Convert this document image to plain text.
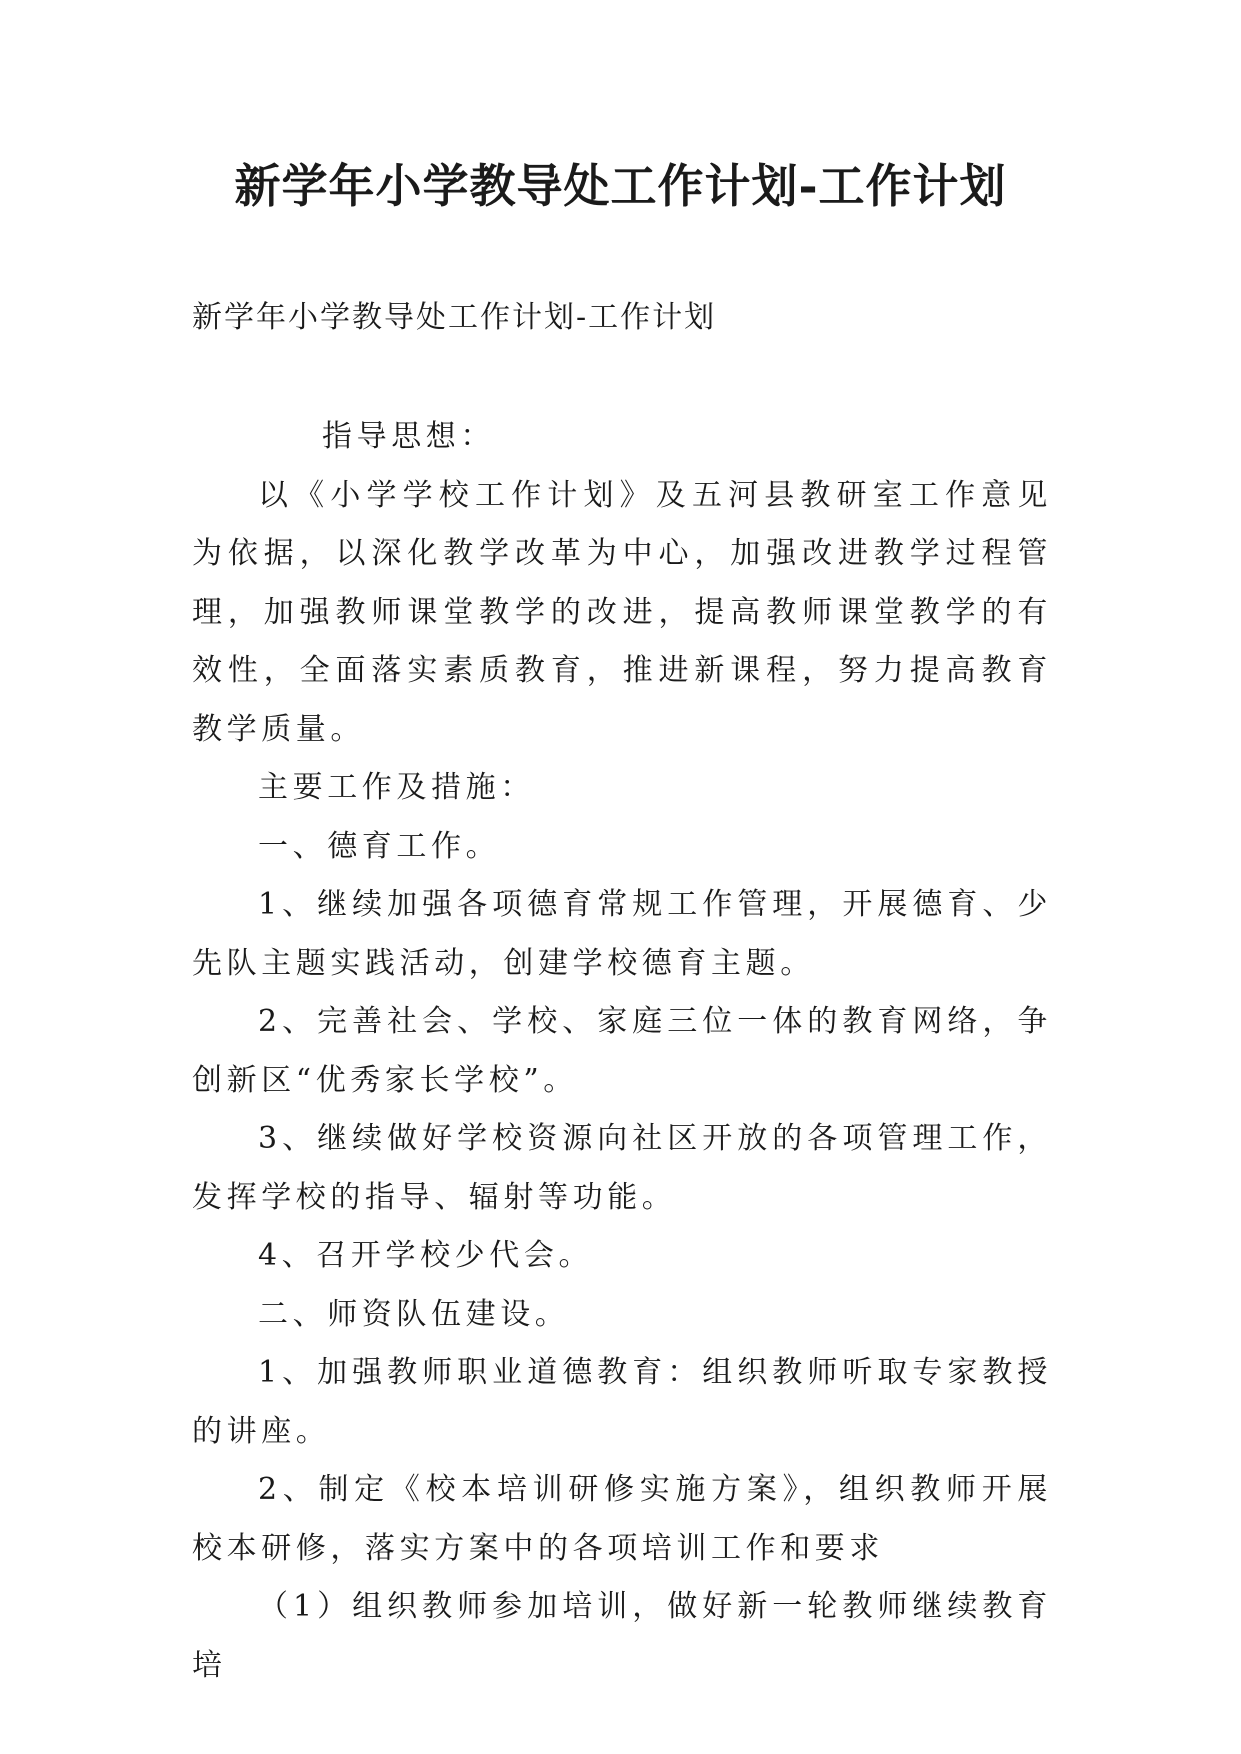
新学年小学教导处工作计划-工作计划

新学年小学教导处工作计划-工作计划

指导思想：

以《小学学校工作计划》及五河县教研室工作意见为依据，以深化教学改革为中心，加强改进教学过程管理，加强教师课堂教学的改进，提高教师课堂教学的有效性，全面落实素质教育，推进新课程，努力提高教育教学质量。

主要工作及措施：

一、德育工作。

1、继续加强各项德育常规工作管理，开展德育、少先队主题实践活动，创建学校德育主题。

2、完善社会、学校、家庭三位一体的教育网络，争创新区“优秀家长学校”。

3、继续做好学校资源向社区开放的各项管理工作，发挥学校的指导、辐射等功能。

4、召开学校少代会。

二、师资队伍建设。

1、加强教师职业道德教育：组织教师听取专家教授的讲座。

2、制定《校本培训研修实施方案》，组织教师开展校本研修，落实方案中的各项培训工作和要求

（1）组织教师参加培训，做好新一轮教师继续教育培
